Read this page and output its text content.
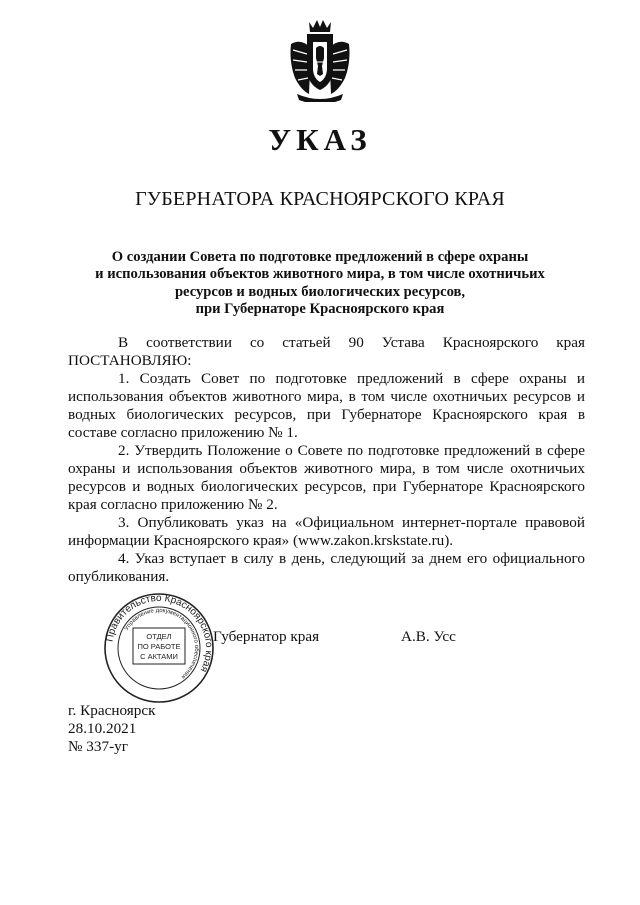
УКАЗ
ГУБЕРНАТОРА КРАСНОЯРСКОГО КРАЯ
О создании Совета по подготовке предложений в сфере охраны
и использования объектов животного мира, в том числе охотничьих
ресурсов и водных биологических ресурсов,
при Губернаторе Красноярского края
В соответствии со статьей 90 Устава Красноярского края

ПОСТАНОВЛЯЮ:

1. Создать Совет по подготовке предложений в сфере охраны и использования объектов животного мира, в том числе охотничьих ресурсов и водных биологических ресурсов, при Губернаторе Красноярского края в составе согласно приложению № 1.

2. Утвердить Положение о Совете по подготовке предложений в сфере охраны и использования объектов животного мира, в том числе охотничьих ресурсов и водных биологических ресурсов, при Губернаторе Красноярского края согласно приложению № 2.

3. Опубликовать указ на «Официальном интернет-портале правовой информации Красноярского края» (www.zakon.krskstate.ru).

4. Указ вступает в силу в день, следующий за днем его официального опубликования.

Правительство Красноярского края
Управление документационного обеспечения
ОТДЕЛ
ПО РАБОТЕ
С АКТАМИ
Губернатор края	А.В. Усс
г. Красноярск
28.10.2021
№ 337-уг
